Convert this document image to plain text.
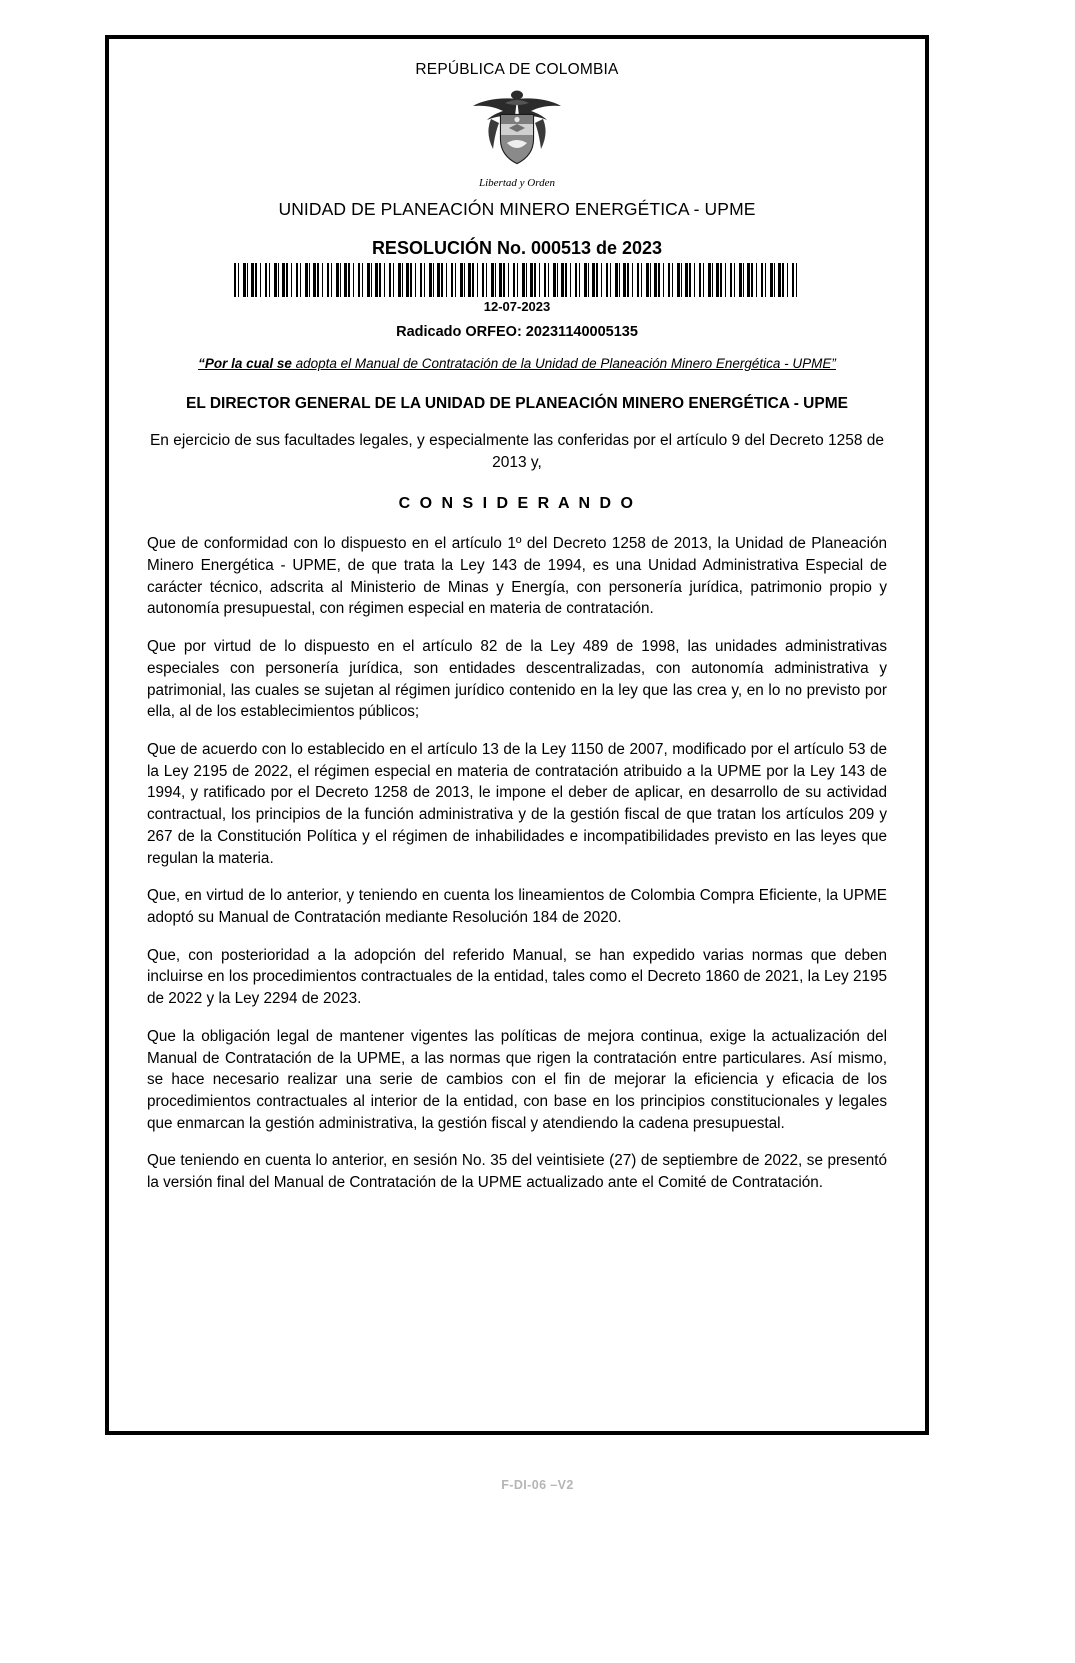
REPÚBLICA DE COLOMBIA
Libertad y Orden
UNIDAD DE PLANEACIÓN MINERO ENERGÉTICA - UPME
RESOLUCIÓN No. 000513 de 2023
12-07-2023
Radicado ORFEO: 20231140005135
“Por la cual se adopta el Manual de Contratación de la Unidad de Planeación Minero Energética - UPME”
EL DIRECTOR GENERAL DE LA UNIDAD DE PLANEACIÓN MINERO ENERGÉTICA - UPME
En ejercicio de sus facultades legales, y especialmente las conferidas por el artículo 9 del Decreto 1258 de 2013 y,
C O N S I D E R A N D O

Que de conformidad con lo dispuesto en el artículo 1º del Decreto 1258 de 2013, la Unidad de Planeación Minero Energética - UPME, de que trata la Ley 143 de 1994, es una Unidad Administrativa Especial de carácter técnico, adscrita al Ministerio de Minas y Energía, con personería jurídica, patrimonio propio y autonomía presupuestal, con régimen especial en materia de contratación.

Que por virtud de lo dispuesto en el artículo 82 de la Ley 489 de 1998, las unidades administrativas especiales con personería jurídica, son entidades descentralizadas, con autonomía administrativa y patrimonial, las cuales se sujetan al régimen jurídico contenido en la ley que las crea y, en lo no previsto por ella, al de los establecimientos públicos;

Que de acuerdo con lo establecido en el artículo 13 de la Ley 1150 de 2007, modificado por el artículo 53 de la Ley 2195 de 2022, el régimen especial en materia de contratación atribuido a la UPME por la Ley 143 de 1994, y ratificado por el Decreto 1258 de 2013, le impone el deber de aplicar, en desarrollo de su actividad contractual, los principios de la función administrativa y de la gestión fiscal de que tratan los artículos 209 y 267 de la Constitución Política y el régimen de inhabilidades e incompatibilidades previsto en las leyes que regulan la materia.

Que, en virtud de lo anterior, y teniendo en cuenta los lineamientos de Colombia Compra Eficiente, la UPME adoptó su Manual de Contratación mediante Resolución 184 de 2020.

Que, con posterioridad a la adopción del referido Manual, se han expedido varias normas que deben incluirse en los procedimientos contractuales de la entidad, tales como el Decreto 1860 de 2021, la Ley 2195 de 2022 y la Ley 2294 de 2023.

Que la obligación legal de mantener vigentes las políticas de mejora continua, exige la actualización del Manual de Contratación de la UPME, a las normas que rigen la contratación entre particulares. Así mismo, se hace necesario realizar una serie de cambios con el fin de mejorar la eficiencia y eficacia de los procedimientos contractuales al interior de la entidad, con base en los principios constitucionales y legales que enmarcan la gestión administrativa, la gestión fiscal y atendiendo la cadena presupuestal.

Que teniendo en cuenta lo anterior, en sesión No. 35 del veintisiete (27) de septiembre de 2022, se presentó la versión final del Manual de Contratación de la UPME actualizado ante el Comité de Contratación.

F-DI-06 –V2
